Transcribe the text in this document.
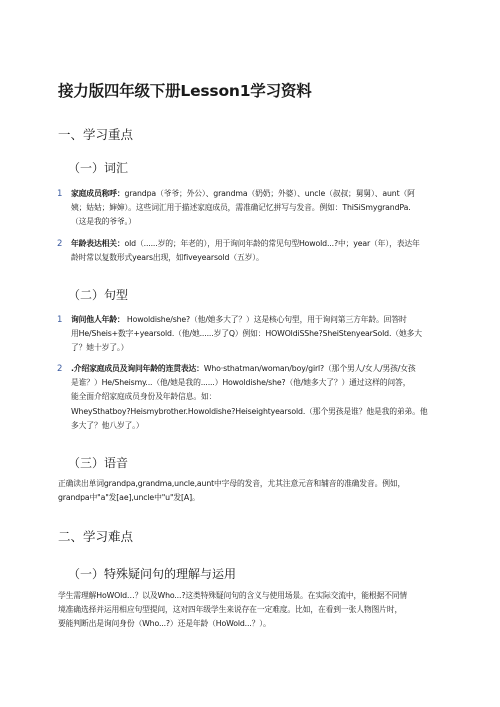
接力版四年级下册Lesson1学习资料
一、学习重点
（一）词汇
1 家庭成员称呼：grandpa（爷爷；外公）、grandma（奶奶；外婆）、uncle（叔叔；舅舅）、aunt（阿
姨；姑姑；婶婶）。这些词汇用于描述家庭成员，需准确记忆拼写与发音。例如：ThiSiSmygrandPa.
（这是我的爷爷。）
2 年龄表达相关：old（......岁的；年老的），用于询问年龄的常见句型Howold...?中；year（年），表达年
龄时常以复数形式years出现，如fiveyearsold（五岁）。
（二）句型
1 询问他人年龄： Howoldishe/she?（他/她多大了？）这是核心句型，用于询问第三方年龄。回答时
用He/Sheis+数字+yearsold.（他/她......岁了Q）例如：HOWOldiSShe?SheiStenyearSold.（她多大
了？她十岁了。）
2 .介绍家庭成员及询问年龄的连贯表达：Who·sthatman/woman/boy/girl?（那个男人/女人/男孩/女孩
是谁？）He/Sheismy...（他/她是我的......）Howoldishe/she?（他/她多大了？）通过这样的问答，
能全面介绍家庭成员身份及年龄信息。如：
WheySthatboy?Heismybrother.Howoldishe?Heiseightyearsold.（那个男孩是谁？他是我的弟弟。他
多大了？他八岁了。）
（三）语音
正确读出单词grandpa,grandma,uncle,aunt中字母的发音，尤其注意元音和辅音的准确发音。例如，
grandpa中"a"发[ae],uncle中"u"发[A]。
二、学习难点
（一）特殊疑问句的理解与运用
学生需理解HoWOld…？以及Who...?这类特殊疑问句的含义与使用场景。在实际交流中，能根据不同情
境准确选择并运用相应句型提问，这对四年级学生来说存在一定难度。比如，在看到一张人物图片时，
要能判断出是询问身份（Who...?）还是年龄（HoWold...？）。
